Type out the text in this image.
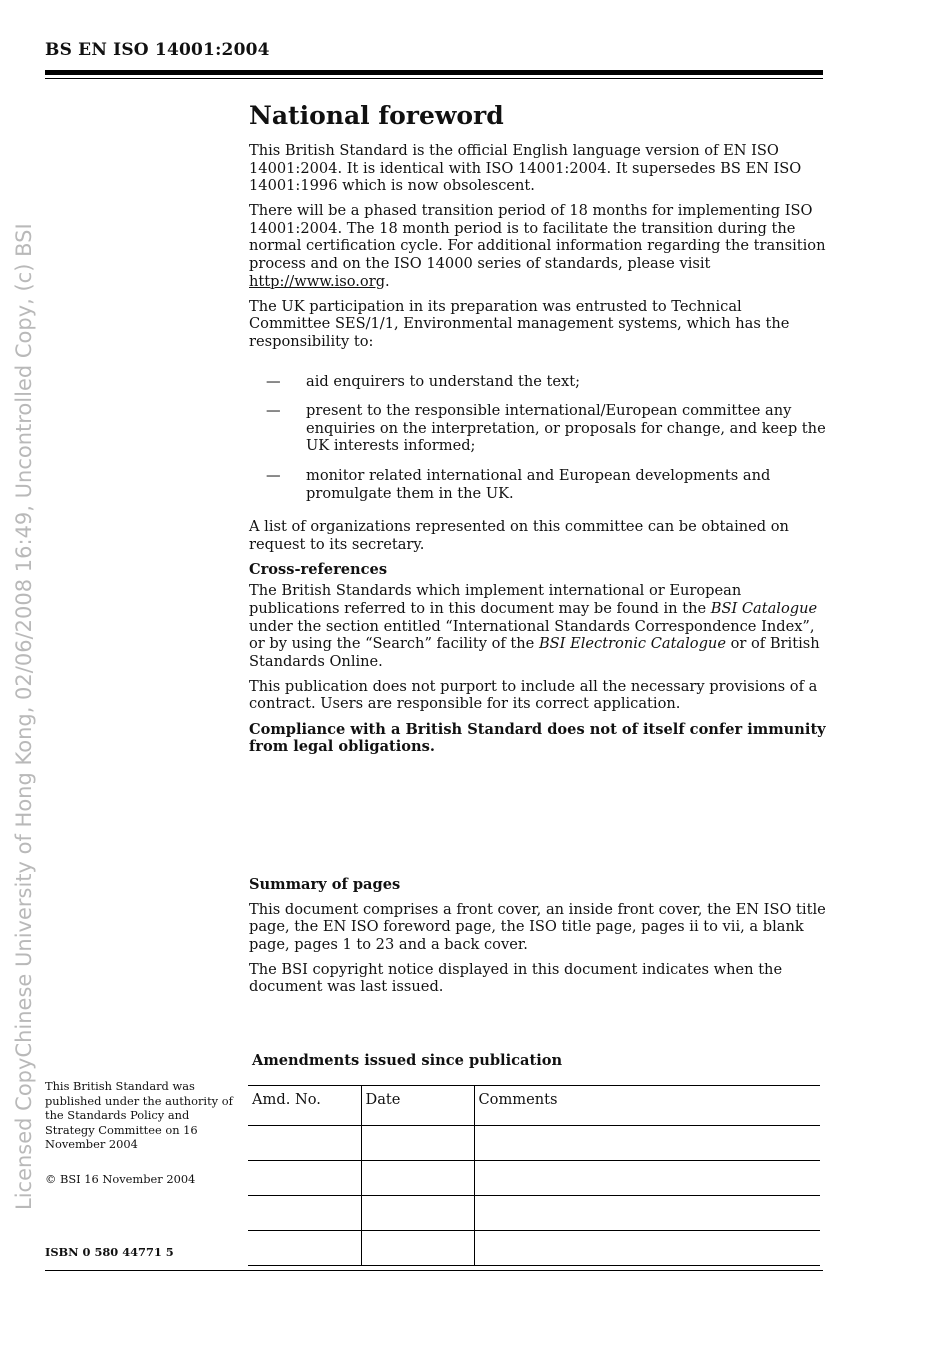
BS EN ISO 14001:2004
Licensed CopyChinese University of Hong Kong, 02/06/2008 16:49, Uncontrolled Copy, (c) BSI
National foreword

This British Standard is the official English language version of EN ISO 14001:2004. It is identical with ISO 14001:2004. It supersedes BS EN ISO 14001:1996 which is now obsolescent.

There will be a phased transition period of 18 months for implementing ISO 14001:2004. The 18 month period is to facilitate the transition during the normal certification cycle. For additional information regarding the transition process and on the ISO 14000 series of standards, please visit http://www.iso.org.

The UK participation in its preparation was entrusted to Technical Committee SES/1/1, Environmental management systems, which has the responsibility to:

—	aid enquirers to understand the text;
—	present to the responsible international/European committee any enquiries on the interpretation, or proposals for change, and keep the UK interests informed;
—	monitor related international and European developments and promulgate them in the UK.

A list of organizations represented on this committee can be obtained on request to its secretary.

Cross-references

The British Standards which implement international or European publications referred to in this document may be found in the BSI Catalogue under the section entitled “International Standards Correspondence Index”, or by using the “Search” facility of the BSI Electronic Catalogue or of British Standards Online.

This publication does not purport to include all the necessary provisions of a contract. Users are responsible for its correct application.

Compliance with a British Standard does not of itself confer immunity from legal obligations.

Summary of pages

This document comprises a front cover, an inside front cover, the EN ISO title page, the EN ISO foreword page, the ISO title page, pages ii to vii, a blank page, pages 1 to 23 and a back cover.

The BSI copyright notice displayed in this document indicates when the document was last issued.

Amendments issued since publication
Amd. No.	Date	Comments

This British Standard was published under the authority of the Standards Policy and Strategy Committee on 16 November 2004
© BSI 16 November 2004
ISBN 0 580 44771 5
